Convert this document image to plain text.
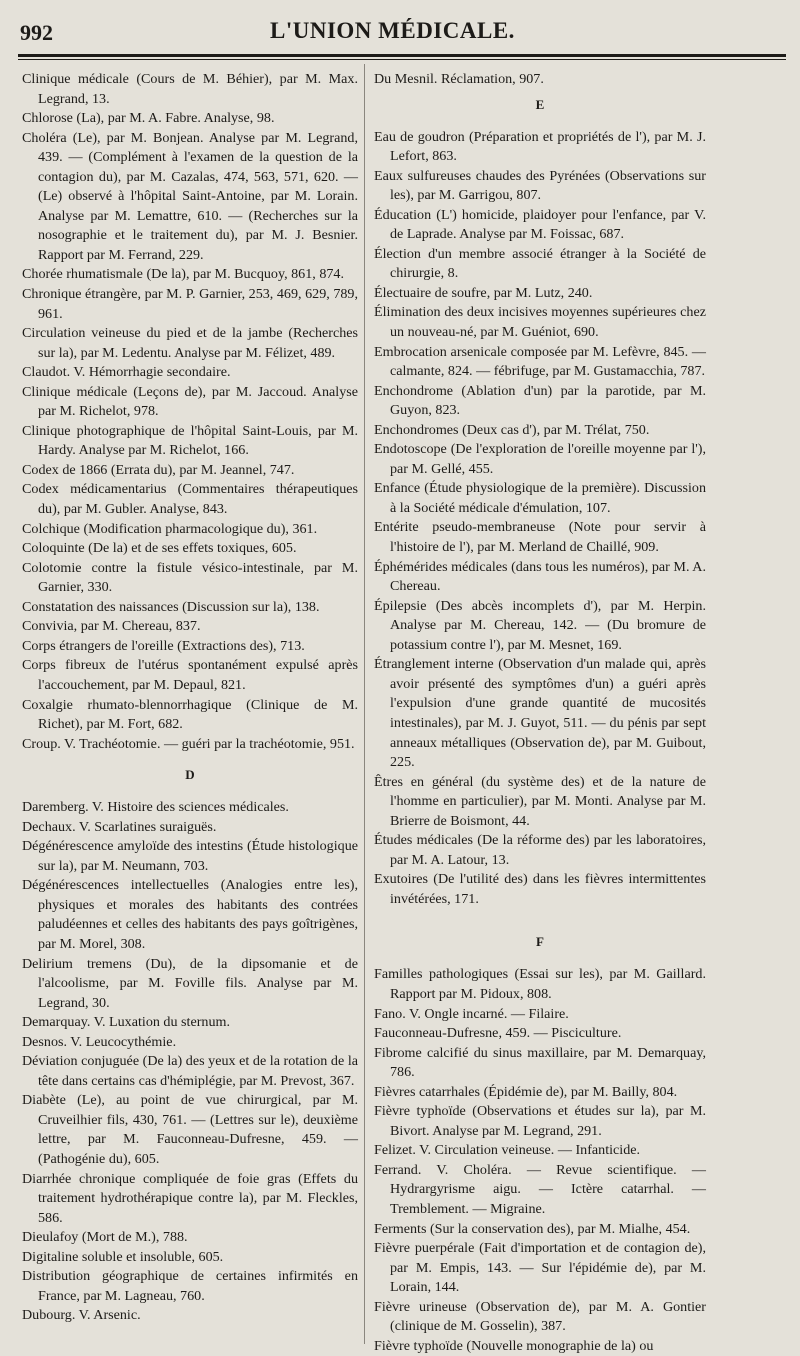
992	L'UNION MÉDICALE.

Clinique médicale (Cours de M. Béhier), par M. Max. Legrand, 13.

Chlorose (La), par M. A. Fabre. Analyse, 98.

Choléra (Le), par M. Bonjean. Analyse par M. Legrand, 439. — (Complément à l'examen de la question de la contagion du), par M. Cazalas, 474, 563, 571, 620. — (Le) observé à l'hôpital Saint-Antoine, par M. Lorain. Analyse par M. Lemattre, 610. — (Recherches sur la nosographie et le traitement du), par M. J. Besnier. Rapport par M. Ferrand, 229.

Chorée rhumatismale (De la), par M. Bucquoy, 861, 874.

Chronique étrangère, par M. P. Garnier, 253, 469, 629, 789, 961.

Circulation veineuse du pied et de la jambe (Recherches sur la), par M. Ledentu. Analyse par M. Félizet, 489.

Claudot. V. Hémorrhagie secondaire.

Clinique médicale (Leçons de), par M. Jaccoud. Analyse par M. Richelot, 978.

Clinique photographique de l'hôpital Saint-Louis, par M. Hardy. Analyse par M. Richelot, 166.

Codex de 1866 (Errata du), par M. Jeannel, 747.

Codex médicamentarius (Commentaires thérapeutiques du), par M. Gubler. Analyse, 843.

Colchique (Modification pharmacologique du), 361.

Coloquinte (De la) et de ses effets toxiques, 605.

Colotomie contre la fistule vésico-intestinale, par M. Garnier, 330.

Constatation des naissances (Discussion sur la), 138.

Convivia, par M. Chereau, 837.

Corps étrangers de l'oreille (Extractions des), 713.

Corps fibreux de l'utérus spontanément expulsé après l'accouchement, par M. Depaul, 821.

Coxalgie rhumato-blennorrhagique (Clinique de M. Richet), par M. Fort, 682.

Croup. V. Trachéotomie. — guéri par la trachéotomie, 951.

D

Daremberg. V. Histoire des sciences médicales.

Dechaux. V. Scarlatines suraiguës.

Dégénérescence amyloïde des intestins (Étude histologique sur la), par M. Neumann, 703.

Dégénérescences intellectuelles (Analogies entre les), physiques et morales des habitants des contrées paludéennes et celles des habitants des pays goîtrigènes, par M. Morel, 308.

Delirium tremens (Du), de la dipsomanie et de l'alcoolisme, par M. Foville fils. Analyse par M. Legrand, 30.

Demarquay. V. Luxation du sternum.

Desnos. V. Leucocythémie.

Déviation conjuguée (De la) des yeux et de la rotation de la tête dans certains cas d'hémiplégie, par M. Prevost, 367.

Diabète (Le), au point de vue chirurgical, par M. Cruveilhier fils, 430, 761. — (Lettres sur le), deuxième lettre, par M. Fauconneau-Dufresne, 459. — (Pathogénie du), 605.

Diarrhée chronique compliquée de foie gras (Effets du traitement hydrothérapique contre la), par M. Fleckles, 586.

Dieulafoy (Mort de M.), 788.

Digitaline soluble et insoluble, 605.

Distribution géographique de certaines infirmités en France, par M. Lagneau, 760.

Dubourg. V. Arsenic.

Du Mesnil. Réclamation, 907.

E

Eau de goudron (Préparation et propriétés de l'), par M. J. Lefort, 863.

Eaux sulfureuses chaudes des Pyrénées (Observations sur les), par M. Garrigou, 807.

Éducation (L') homicide, plaidoyer pour l'enfance, par V. de Laprade. Analyse par M. Foissac, 687.

Élection d'un membre associé étranger à la Société de chirurgie, 8.

Électuaire de soufre, par M. Lutz, 240.

Élimination des deux incisives moyennes supérieures chez un nouveau-né, par M. Guéniot, 690.

Embrocation arsenicale composée par M. Lefèvre, 845. — calmante, 824. — fébrifuge, par M. Gustamacchia, 787.

Enchondrome (Ablation d'un) par la parotide, par M. Guyon, 823.

Enchondromes (Deux cas d'), par M. Trélat, 750.

Endotoscope (De l'exploration de l'oreille moyenne par l'), par M. Gellé, 455.

Enfance (Étude physiologique de la première). Discussion à la Société médicale d'émulation, 107.

Entérite pseudo-membraneuse (Note pour servir à l'histoire de l'), par M. Merland de Chaillé, 909.

Éphémérides médicales (dans tous les numéros), par M. A. Chereau.

Épilepsie (Des abcès incomplets d'), par M. Herpin. Analyse par M. Chereau, 142. — (Du bromure de potassium contre l'), par M. Mesnet, 169.

Étranglement interne (Observation d'un malade qui, après avoir présenté des symptômes d'un) a guéri après l'expulsion d'une grande quantité de mucosités intestinales), par M. J. Guyot, 511. — du pénis par sept anneaux métalliques (Observation de), par M. Guibout, 225.

Êtres en général (du système des) et de la nature de l'homme en particulier), par M. Monti. Analyse par M. Brierre de Boismont, 44.

Études médicales (De la réforme des) par les laboratoires, par M. A. Latour, 13.

Exutoires (De l'utilité des) dans les fièvres intermittentes invétérées, 171.

F

Familles pathologiques (Essai sur les), par M. Gaillard. Rapport par M. Pidoux, 808.

Fano. V. Ongle incarné. — Filaire.

Fauconneau-Dufresne, 459. — Pisciculture.

Fibrome calcifié du sinus maxillaire, par M. Demarquay, 786.

Fièvres catarrhales (Épidémie de), par M. Bailly, 804.

Fièvre typhoïde (Observations et études sur la), par M. Bivort. Analyse par M. Legrand, 291.

Felizet. V. Circulation veineuse. — Infanticide.

Ferrand. V. Choléra. — Revue scientifique. — Hydrargyrisme aigu. — Ictère catarrhal. — Tremblement. — Migraine.

Ferments (Sur la conservation des), par M. Mialhe, 454.

Fièvre puerpérale (Fait d'importation et de contagion de), par M. Empis, 143. — Sur l'épidémie de), par M. Lorain, 144.

Fièvre urineuse (Observation de), par M. A. Gontier (clinique de M. Gosselin), 387.

Fièvre typhoïde (Nouvelle monographie de la) ou
